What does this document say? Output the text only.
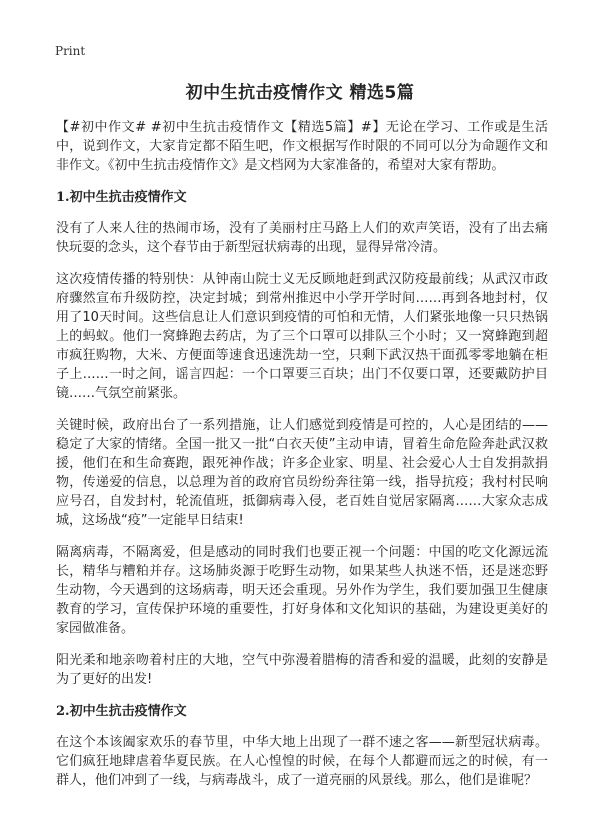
Print
初中生抗击疫情作文 精选5篇

【#初中作文# #初中生抗击疫情作文【精选5篇】#】无论在学习、工作或是生活中，说到作文，大家肯定都不陌生吧，作文根据写作时限的不同可以分为命题作文和非作文。《初中生抗击疫情作文》是文档网为大家准备的，希望对大家有帮助。

1.初中生抗击疫情作文

没有了人来人往的热闹市场，没有了美丽村庄马路上人们的欢声笑语，没有了出去痛快玩耍的念头，这个春节由于新型冠状病毒的出现，显得异常冷清。

这次疫情传播的特别快：从钟南山院士义无反顾地赶到武汉防疫最前线；从武汉市政府骤然宣布升级防控，决定封城；到常州推迟中小学开学时间……再到各地封村，仅用了10天时间。这些信息让人们意识到疫情的可怕和无情，人们紧张地像一只只热锅上的蚂蚁。他们一窝蜂跑去药店，为了三个口罩可以排队三个小时；又一窝蜂跑到超市疯狂购物，大米、方便面等速食迅速洗劫一空，只剩下武汉热干面孤零零地躺在柜子上……一时之间，谣言四起：一个口罩要三百块；出门不仅要口罩，还要戴防护目镜……气氛空前紧张。

关键时候，政府出台了一系列措施，让人们感觉到疫情是可控的，人心是团结的——稳定了大家的情绪。全国一批又一批“白衣天使”主动申请，冒着生命危险奔赴武汉救援，他们在和生命赛跑，跟死神作战；许多企业家、明星、社会爱心人士自发捐款捐物，传递爱的信息，以总理为首的政府官员纷纷奔往第一线，指导抗疫；我村村民响应号召，自发封村，轮流值班，抵御病毒入侵，老百姓自觉居家隔离……大家众志成城，这场战“疫”一定能早日结束!

隔离病毒，不隔离爱，但是感动的同时我们也要正视一个问题：中国的吃文化源远流长，精华与糟粕并存。这场肺炎源于吃野生动物，如果某些人执迷不悟，还是迷恋野生动物，今天遇到的这场病毒，明天还会重现。另外作为学生，我们要加强卫生健康教育的学习，宣传保护环境的重要性，打好身体和文化知识的基础，为建设更美好的家园做准备。

阳光柔和地亲吻着村庄的大地，空气中弥漫着腊梅的清香和爱的温暖，此刻的安静是为了更好的出发!

2.初中生抗击疫情作文

在这个本该阖家欢乐的春节里，中华大地上出现了一群不速之客——新型冠状病毒。它们疯狂地肆虐着华夏民族。在人心惶惶的时候，在每个人都避而远之的时候，有一群人，他们冲到了一线，与病毒战斗，成了一道亮丽的风景线。那么，他们是谁呢？
